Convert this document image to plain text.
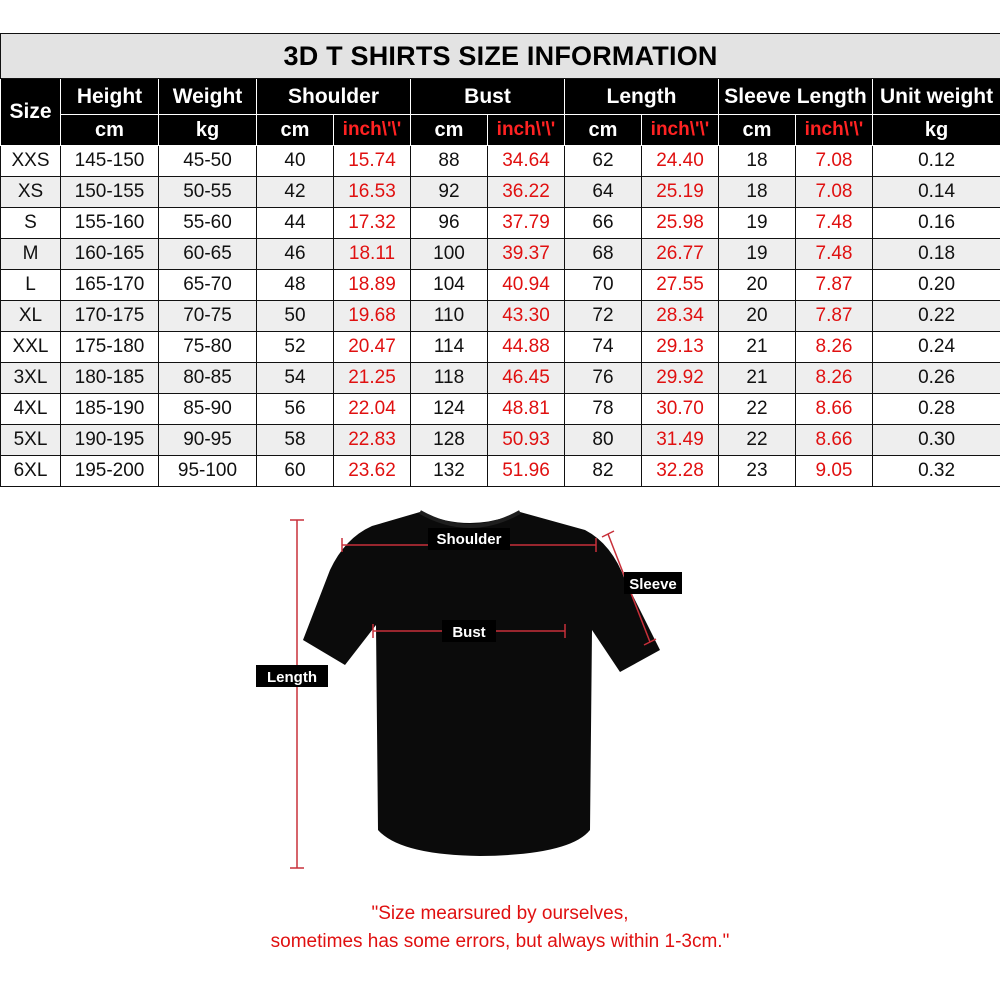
3D T SHIRTS SIZE INFORMATION											
Size	Height	Weight	Shoulder		Bust		Length		Sleeve Length		Unit weight
	cm	kg	cm	inch\'\'	cm	inch\'\'	cm	inch\'\'	cm	inch\'\'	kg
XXS	145-150	45-50	40	15.74	88	34.64	62	24.40	18	7.08	0.12
XS	150-155	50-55	42	16.53	92	36.22	64	25.19	18	7.08	0.14
S	155-160	55-60	44	17.32	96	37.79	66	25.98	19	7.48	0.16
M	160-165	60-65	46	18.11	100	39.37	68	26.77	19	7.48	0.18
L	165-170	65-70	48	18.89	104	40.94	70	27.55	20	7.87	0.20
XL	170-175	70-75	50	19.68	110	43.30	72	28.34	20	7.87	0.22
XXL	175-180	75-80	52	20.47	114	44.88	74	29.13	21	8.26	0.24
3XL	180-185	80-85	54	21.25	118	46.45	76	29.92	21	8.26	0.26
4XL	185-190	85-90	56	22.04	124	48.81	78	30.70	22	8.66	0.28
5XL	190-195	90-95	58	22.83	128	50.93	80	31.49	22	8.66	0.30
6XL	195-200	95-100	60	23.62	132	51.96	82	32.28	23	9.05	0.32
Shoulder
Sleeve
Bust
Length
"Size mearsured by ourselves,
sometimes has some errors, but always within 1-3cm."
